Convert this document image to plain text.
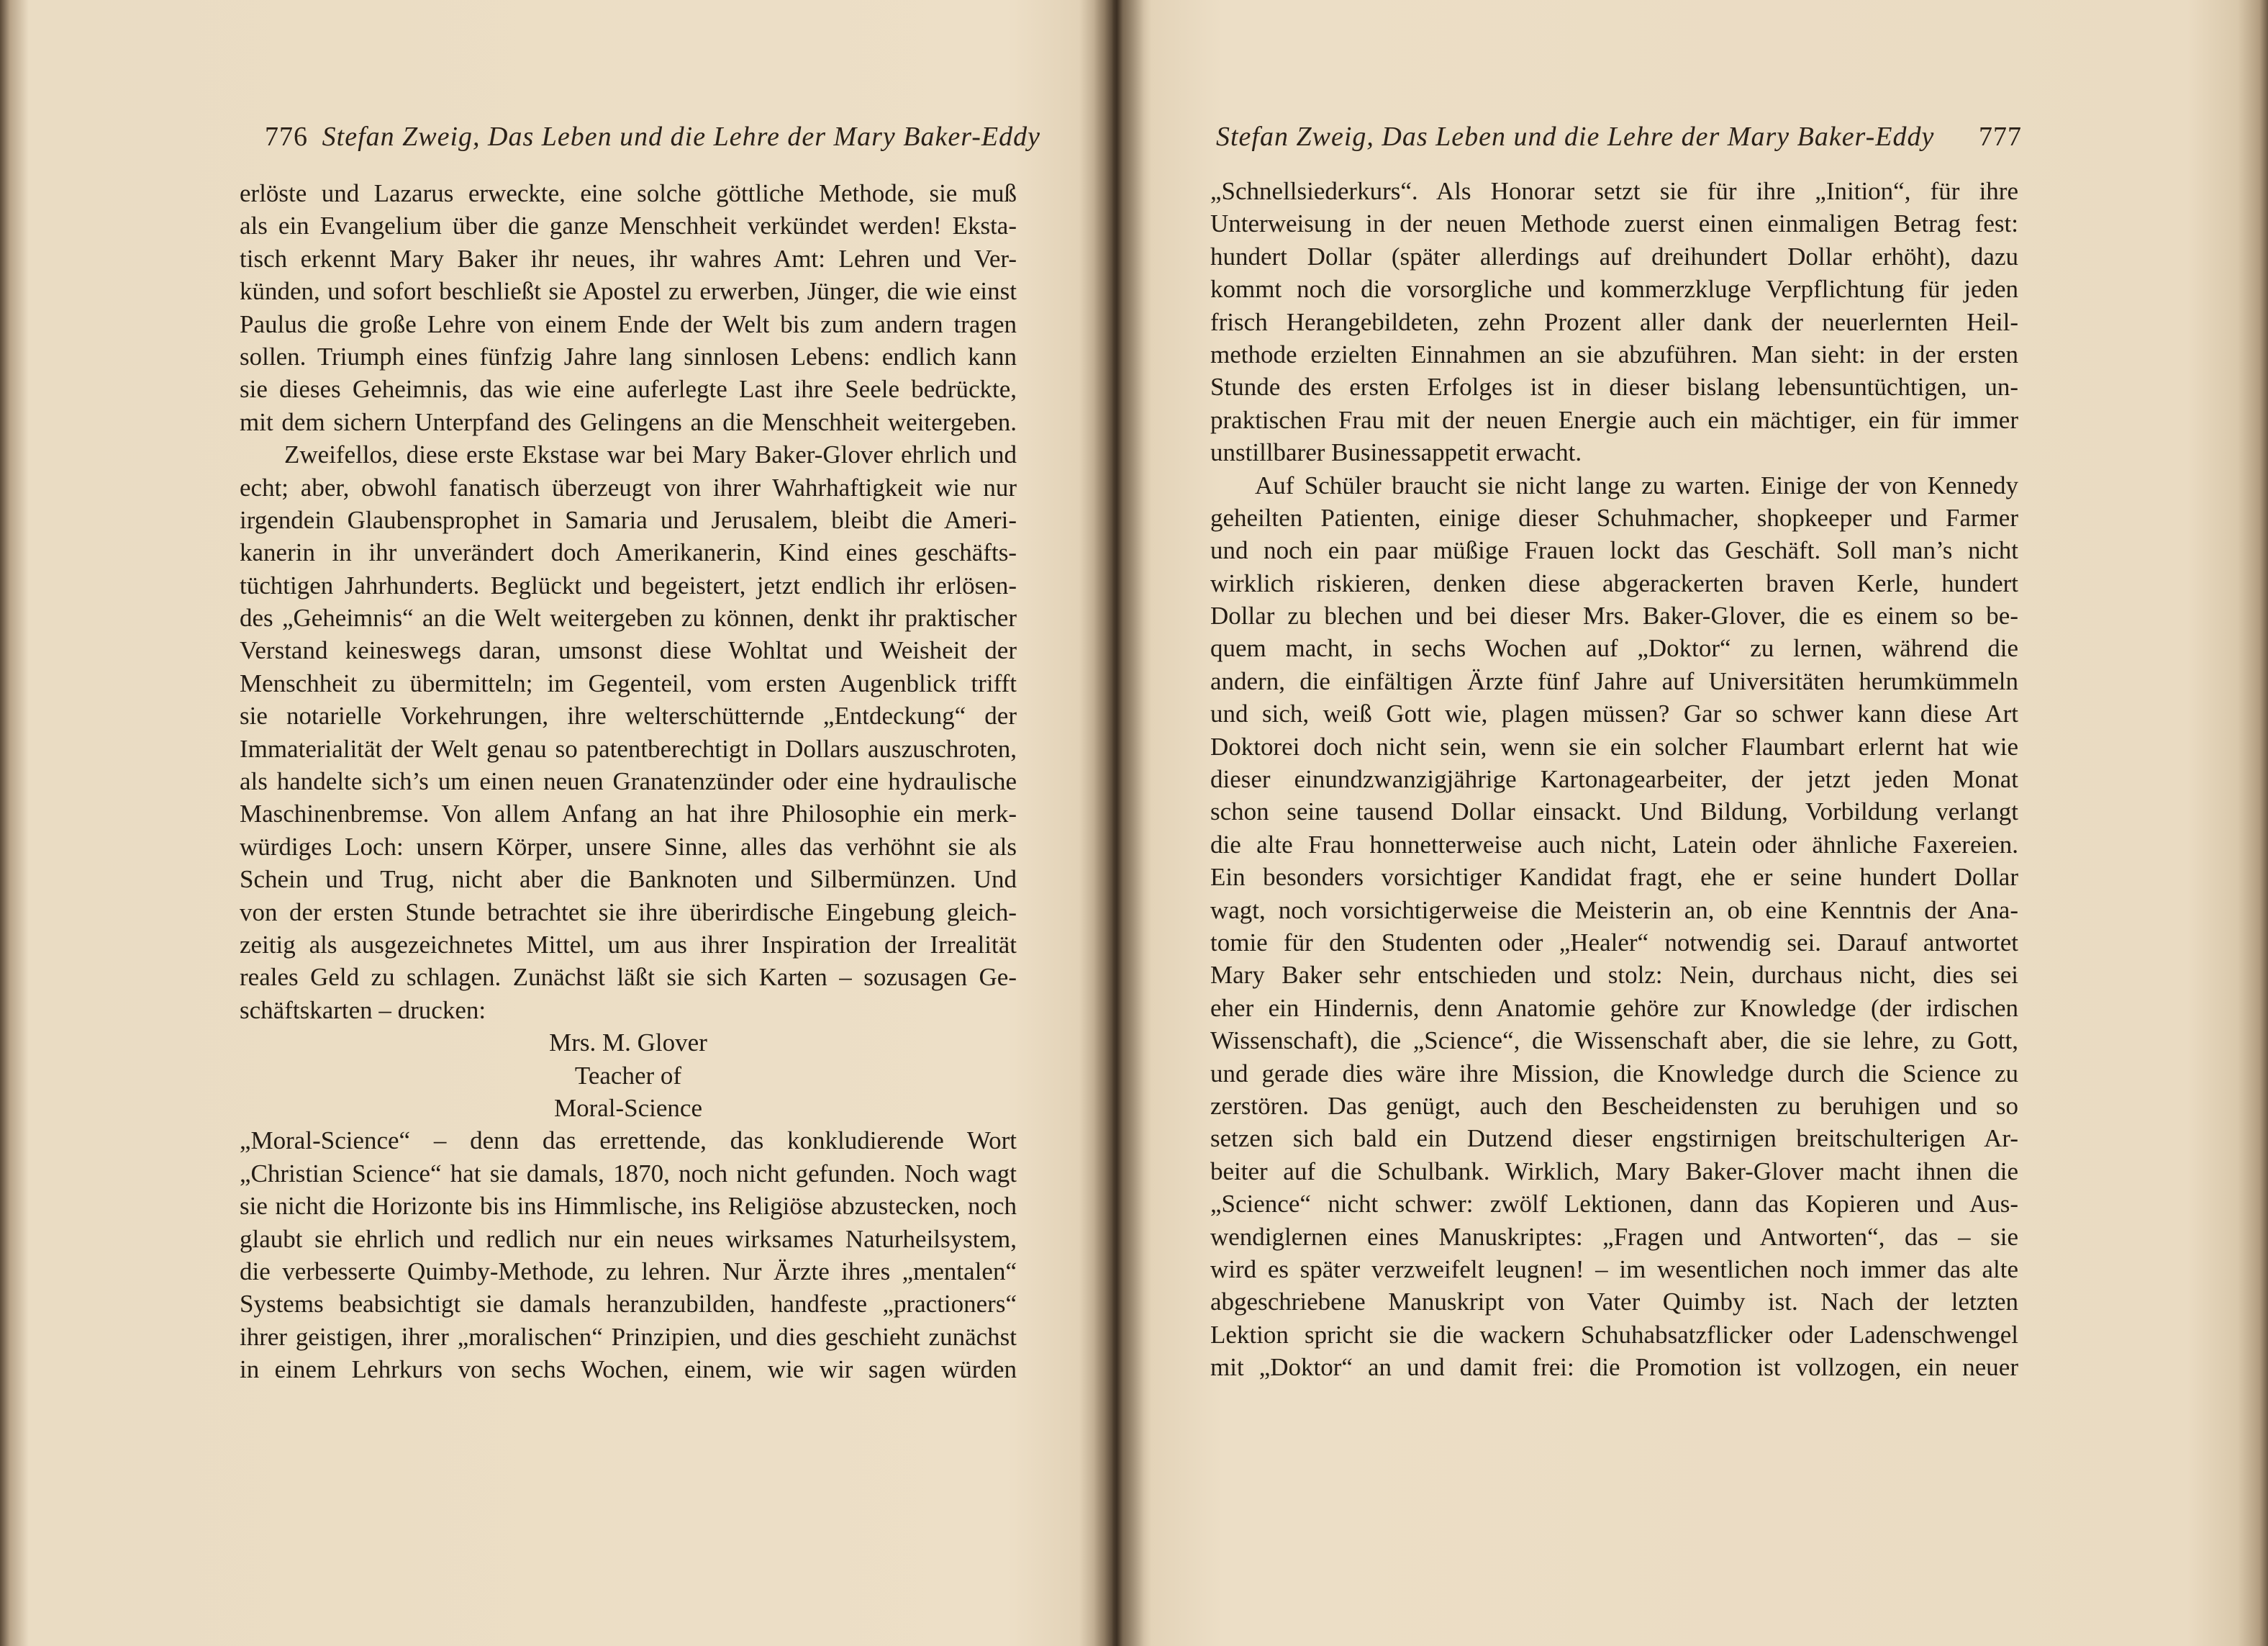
776 Stefan Zweig, Das Leben und die Lehre der Mary Baker-Eddy
erlöste und Lazarus erweckte, eine solche göttliche Methode, sie muß
als ein Evangelium über die ganze Menschheit verkündet werden! Eksta-
tisch erkennt Mary Baker ihr neues, ihr wahres Amt: Lehren und Ver-
künden, und sofort beschließt sie Apostel zu erwerben, Jünger, die wie einst
Paulus die große Lehre von einem Ende der Welt bis zum andern tragen
sollen. Triumph eines fünfzig Jahre lang sinnlosen Lebens: endlich kann
sie dieses Geheimnis, das wie eine auferlegte Last ihre Seele bedrückte,
mit dem sichern Unterpfand des Gelingens an die Menschheit weitergeben.
Zweifellos, diese erste Ekstase war bei Mary Baker-Glover ehrlich und
echt; aber, obwohl fanatisch überzeugt von ihrer Wahrhaftigkeit wie nur
irgendein Glaubensprophet in Samaria und Jerusalem, bleibt die Ameri-
kanerin in ihr unverändert doch Amerikanerin, Kind eines geschäfts-
tüchtigen Jahrhunderts. Beglückt und begeistert, jetzt endlich ihr erlösen-
des „Geheimnis“ an die Welt weitergeben zu können, denkt ihr praktischer
Verstand keineswegs daran, umsonst diese Wohltat und Weisheit der
Menschheit zu übermitteln; im Gegenteil, vom ersten Augenblick trifft
sie notarielle Vorkehrungen, ihre welterschütternde „Entdeckung“ der
Immaterialität der Welt genau so patentberechtigt in Dollars auszuschroten,
als handelte sich’s um einen neuen Granatenzünder oder eine hydraulische
Maschinenbremse. Von allem Anfang an hat ihre Philosophie ein merk-
würdiges Loch: unsern Körper, unsere Sinne, alles das verhöhnt sie als
Schein und Trug, nicht aber die Banknoten und Silbermünzen. Und
von der ersten Stunde betrachtet sie ihre überirdische Eingebung gleich-
zeitig als ausgezeichnetes Mittel, um aus ihrer Inspiration der Irrealität
reales Geld zu schlagen. Zunächst läßt sie sich Karten – sozusagen Ge-
schäftskarten – drucken:
Mrs. M. Glover
Teacher of
Moral-Science
„Moral-Science“ – denn das errettende, das konkludierende Wort
„Christian Science“ hat sie damals, 1870, noch nicht gefunden. Noch wagt
sie nicht die Horizonte bis ins Himmlische, ins Religiöse abzustecken, noch
glaubt sie ehrlich und redlich nur ein neues wirksames Naturheilsystem,
die verbesserte Quimby-Methode, zu lehren. Nur Ärzte ihres „mentalen“
Systems beabsichtigt sie damals heranzubilden, handfeste „practioners“
ihrer geistigen, ihrer „moralischen“ Prinzipien, und dies geschieht zunächst
in einem Lehrkurs von sechs Wochen, einem, wie wir sagen würden
Stefan Zweig, Das Leben und die Lehre der Mary Baker-Eddy 777
„Schnellsiederkurs“. Als Honorar setzt sie für ihre „Inition“, für ihre
Unterweisung in der neuen Methode zuerst einen einmaligen Betrag fest:
hundert Dollar (später allerdings auf dreihundert Dollar erhöht), dazu
kommt noch die vorsorgliche und kommerzkluge Verpflichtung für jeden
frisch Herangebildeten, zehn Prozent aller dank der neuerlernten Heil-
methode erzielten Einnahmen an sie abzuführen. Man sieht: in der ersten
Stunde des ersten Erfolges ist in dieser bislang lebensuntüchtigen, un-
praktischen Frau mit der neuen Energie auch ein mächtiger, ein für immer
unstillbarer Businessappetit erwacht.
Auf Schüler braucht sie nicht lange zu warten. Einige der von Kennedy
geheilten Patienten, einige dieser Schuhmacher, shopkeeper und Farmer
und noch ein paar müßige Frauen lockt das Geschäft. Soll man’s nicht
wirklich riskieren, denken diese abgerackerten braven Kerle, hundert
Dollar zu blechen und bei dieser Mrs. Baker-Glover, die es einem so be-
quem macht, in sechs Wochen auf „Doktor“ zu lernen, während die
andern, die einfältigen Ärzte fünf Jahre auf Universitäten herumkümmeln
und sich, weiß Gott wie, plagen müssen? Gar so schwer kann diese Art
Doktorei doch nicht sein, wenn sie ein solcher Flaumbart erlernt hat wie
dieser einundzwanzigjährige Kartonagearbeiter, der jetzt jeden Monat
schon seine tausend Dollar einsackt. Und Bildung, Vorbildung verlangt
die alte Frau honnetterweise auch nicht, Latein oder ähnliche Faxereien.
Ein besonders vorsichtiger Kandidat fragt, ehe er seine hundert Dollar
wagt, noch vorsichtigerweise die Meisterin an, ob eine Kenntnis der Ana-
tomie für den Studenten oder „Healer“ notwendig sei. Darauf antwortet
Mary Baker sehr entschieden und stolz: Nein, durchaus nicht, dies sei
eher ein Hindernis, denn Anatomie gehöre zur Knowledge (der irdischen
Wissenschaft), die „Science“, die Wissenschaft aber, die sie lehre, zu Gott,
und gerade dies wäre ihre Mission, die Knowledge durch die Science zu
zerstören. Das genügt, auch den Bescheidensten zu beruhigen und so
setzen sich bald ein Dutzend dieser engstirnigen breitschulterigen Ar-
beiter auf die Schulbank. Wirklich, Mary Baker-Glover macht ihnen die
„Science“ nicht schwer: zwölf Lektionen, dann das Kopieren und Aus-
wendiglernen eines Manuskriptes: „Fragen und Antworten“, das – sie
wird es später verzweifelt leugnen! – im wesentlichen noch immer das alte
abgeschriebene Manuskript von Vater Quimby ist. Nach der letzten
Lektion spricht sie die wackern Schuhabsatzflicker oder Ladenschwengel
mit „Doktor“ an und damit frei: die Promotion ist vollzogen, ein neuer
